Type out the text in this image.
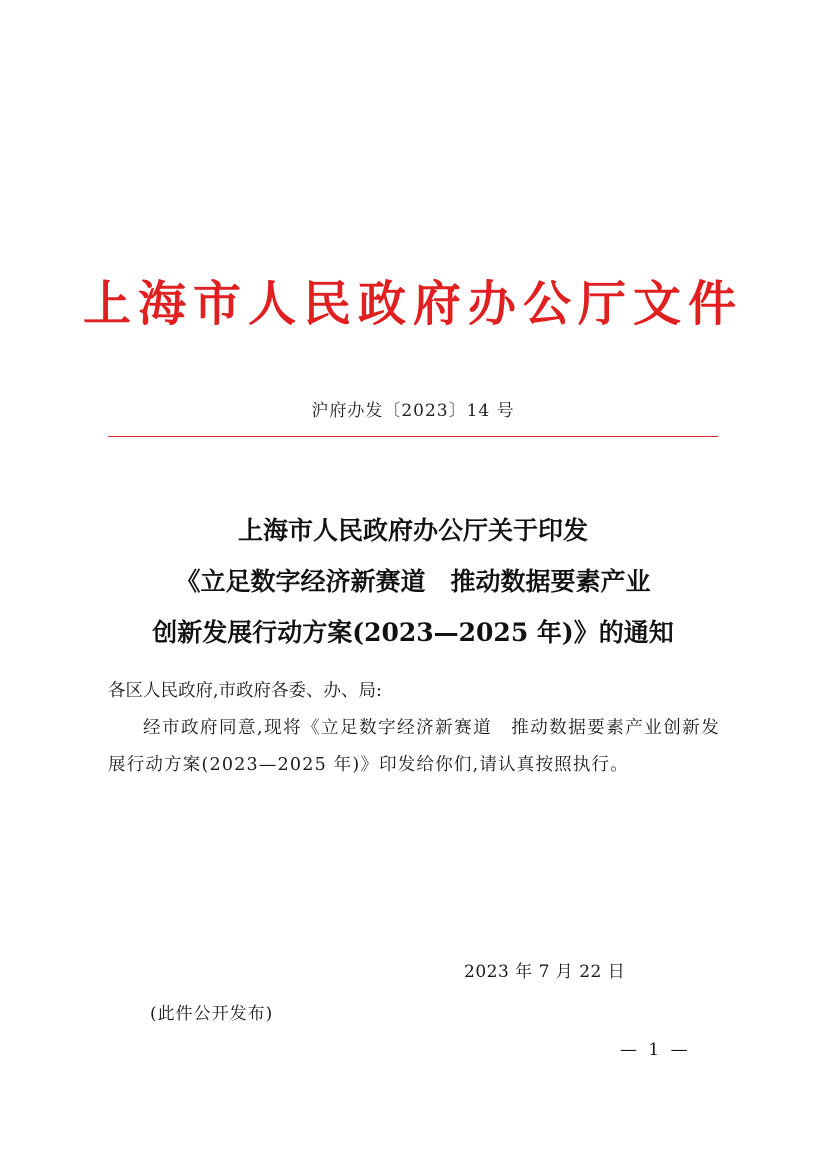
上海市人民政府办公厅文件
沪府办发〔2023〕14 号
上海市人民政府办公厅关于印发
《立足数字经济新赛道　推动数据要素产业
创新发展行动方案(2023—2025 年)》的通知
各区人民政府,市政府各委、办、局:
经市政府同意,现将《立足数字经济新赛道　推动数据要素产业创新发展行动方案(2023—2025 年)》印发给你们,请认真按照执行。
2023 年 7 月 22 日
(此件公开发布)
— 1 —
